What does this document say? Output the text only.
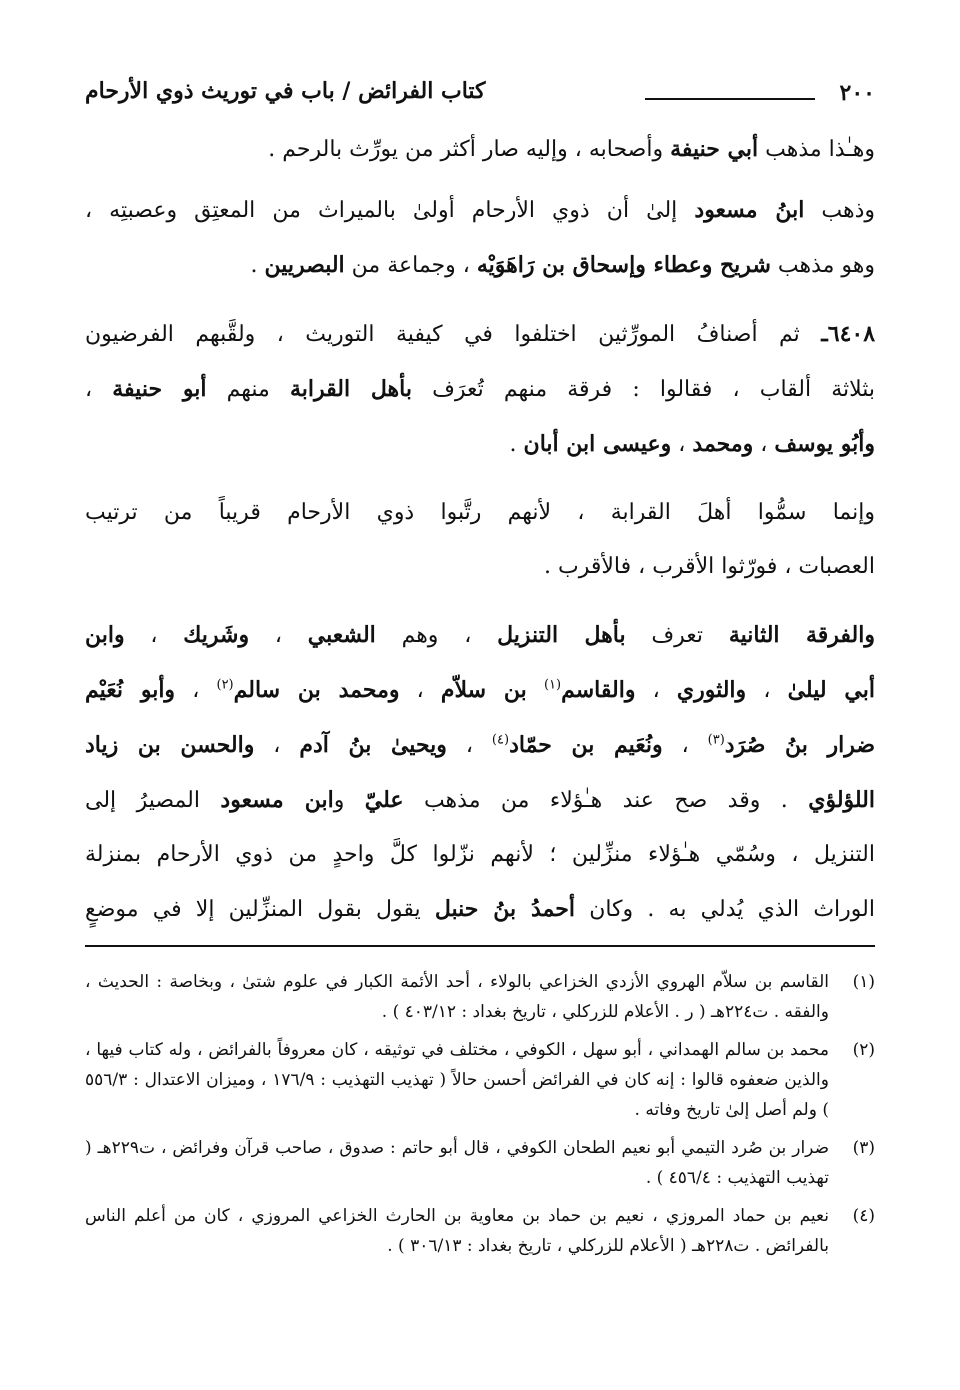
٢٠٠
كتاب الفرائض / باب في توريث ذوي الأرحام
وهـٰذا مذهب أبي حنيفة وأصحابه ، وإليه صار أكثر من يورِّث بالرحم .
وذهب ابنُ مسعود إلىٰ أن ذوي الأرحام أولىٰ بالميراث من المعتِق وعصبتِه ،
وهو مذهب شريح وعطاء وإسحاق بن رَاهَوَيْه ، وجماعة من البصريين .
٦٤٠٨ـ ثم أصنافُ المورِّثين اختلفوا في كيفية التوريث ، ولقَّبهم الفرضيون
بثلاثة ألقاب ، فقالوا : فرقة منهم تُعرَف بأهل القرابة منهم أبو حنيفة ،
وأبُو يوسف ، ومحمد ، وعيسى ابن أبان .
وإنما سمُّوا أهلَ القرابة ، لأنهم رتَّبوا ذوي الأرحام قريباً من ترتيب
العصبات ، فورّثوا الأقرب ، فالأقرب .
والفرقة الثانية تعرف بأهل التنزيل ، وهم الشعبي ، وشَريك ، وابن
أبي ليلىٰ ، والثوري ، والقاسم$^{(١)}$ بن سلاّم ، ومحمد بن سالم$^{(٢)}$ ، وأبو نُعَيْم
ضرار بنُ صُرَد$^{(٣)}$ ، ونُعَيم بن حمّاد$^{(٤)}$ ، ويحيىٰ بنُ آدم ، والحسن بن زياد
اللؤلؤي . وقد صح عند هـٰؤلاء من مذهب عليّ وابن مسعود المصيرُ إلى
التنزيل ، وسُمّي هـٰؤلاء منزِّلين ؛ لأنهم نزّلوا كلَّ واحدٍ من ذوي الأرحام بمنزلة
الوراث الذي يُدلي به . وكان أحمدُ بنُ حنبل يقول بقول المنزِّلين إلا في موضعٍ
(١)
القاسم بن سلاّم الهروي الأزدي الخزاعي بالولاء ، أحد الأئمة الكبار في علوم شتىٰ ، وبخاصة : الحديث ، والفقه . ت٢٢٤هـ ( ر . الأعلام للزركلي ، تاريخ بغداد : ٤٠٣/١٢ ) .
(٢)
محمد بن سالم الهمداني ، أبو سهل ، الكوفي ، مختلف في توثيقه ، كان معروفاً بالفرائض ، وله كتاب فيها ، والذين ضعفوه قالوا : إنه كان في الفرائض أحسن حالاً ( تهذيب التهذيب : ١٧٦/٩ ، وميزان الاعتدال : ٥٥٦/٣ ) ولم أصل إلىٰ تاريخ وفاته .
(٣)
ضرار بن صُرد التيمي أبو نعيم الطحان الكوفي ، قال أبو حاتم : صدوق ، صاحب قرآن وفرائض ، ت٢٢٩هـ ( تهذيب التهذيب : ٤٥٦/٤ ) .
(٤)
نعيم بن حماد المروزي ، نعيم بن حماد بن معاوية بن الحارث الخزاعي المروزي ، كان من أعلم الناس بالفرائض . ت٢٢٨هـ ( الأعلام للزركلي ، تاريخ بغداد : ٣٠٦/١٣ ) .
